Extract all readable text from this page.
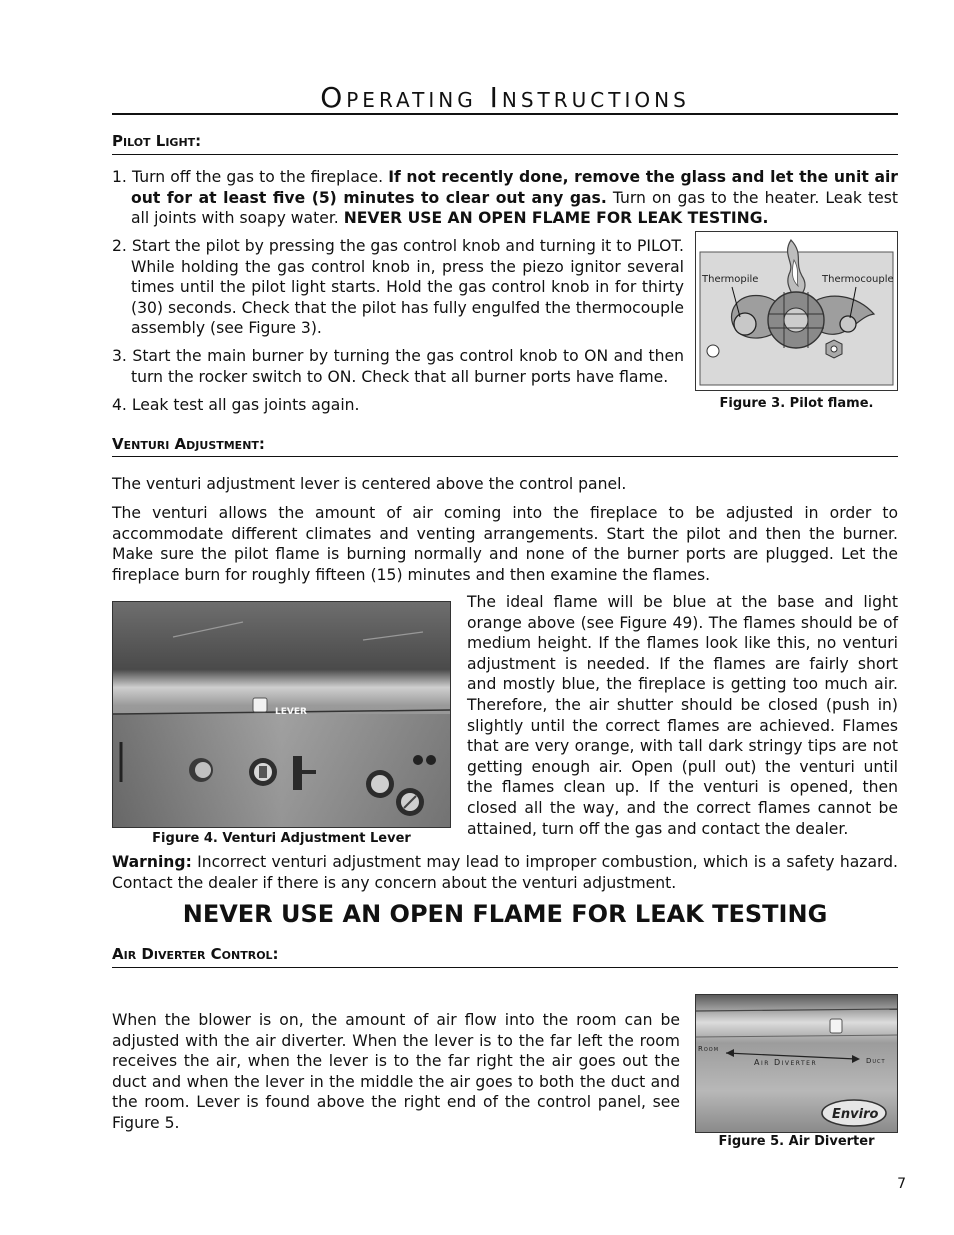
Operating Instructions
Pilot Light:
1. Turn off the gas to the fireplace. If not recently done, remove the glass and let the unit air out for at least five (5) minutes to clear out any gas. Turn on gas to the heater. Leak test all joints with soapy water. NEVER USE AN OPEN FLAME FOR LEAK TESTING.
2. Start the pilot by pressing the gas control knob and turning it to PILOT. While holding the gas control knob in, press the piezo ignitor several times until the pilot light starts. Hold the gas control knob in for thirty (30) seconds. Check that the pilot has fully engulfed the thermocouple assembly (see Figure 3).
3. Start the main burner by turning the gas control knob to ON and then turn the rocker switch to ON. Check that all burner ports have flame.
4. Leak test all gas joints again.
Thermopile	Thermocouple
Figure 3. Pilot flame.
Venturi Adjustment:
The venturi adjustment lever is centered above the control panel.
The venturi allows the amount of air coming into the fireplace to be adjusted in order to accommodate different climates and venting arrangements. Start the pilot and then the burner. Make sure the pilot flame is burning normally and none of the burner ports are plugged. Let the fireplace burn for roughly fifteen (15) minutes and then examine the flames.
The ideal flame will be blue at the base and light orange above (see Figure 49). The flames should be of medium height. If the flames look like this, no venturi adjustment is needed. If the flames are fairly short and mostly blue, the fireplace is getting too much air. Therefore, the air shutter should be closed (push in) slightly until the correct flames are achieved. Flames that are very orange, with tall dark stringy tips are not getting enough air. Open (pull out) the venturi until the flames clean up. If the venturi is opened, then closed all the way, and the correct flames cannot be attained, turn off the gas and contact the dealer.
LEVER
Figure 4. Venturi Adjustment Lever
Warning: Incorrect venturi adjustment may lead to improper combustion, which is a safety hazard. Contact the dealer if there is any concern about the venturi adjustment.
NEVER USE AN OPEN FLAME FOR LEAK TESTING
Air Diverter Control:
When the blower is on, the amount of air flow into the room can be adjusted with the air diverter. When the lever is to the far left the room receives the air, when the lever is to the far right the air goes out the duct and when the lever in the middle the air goes to both the duct and the room. Lever is found above the right end of the control panel, see Figure 5.
Room
Air Diverter	Duct
Enviro
Figure 5. Air Diverter
7
